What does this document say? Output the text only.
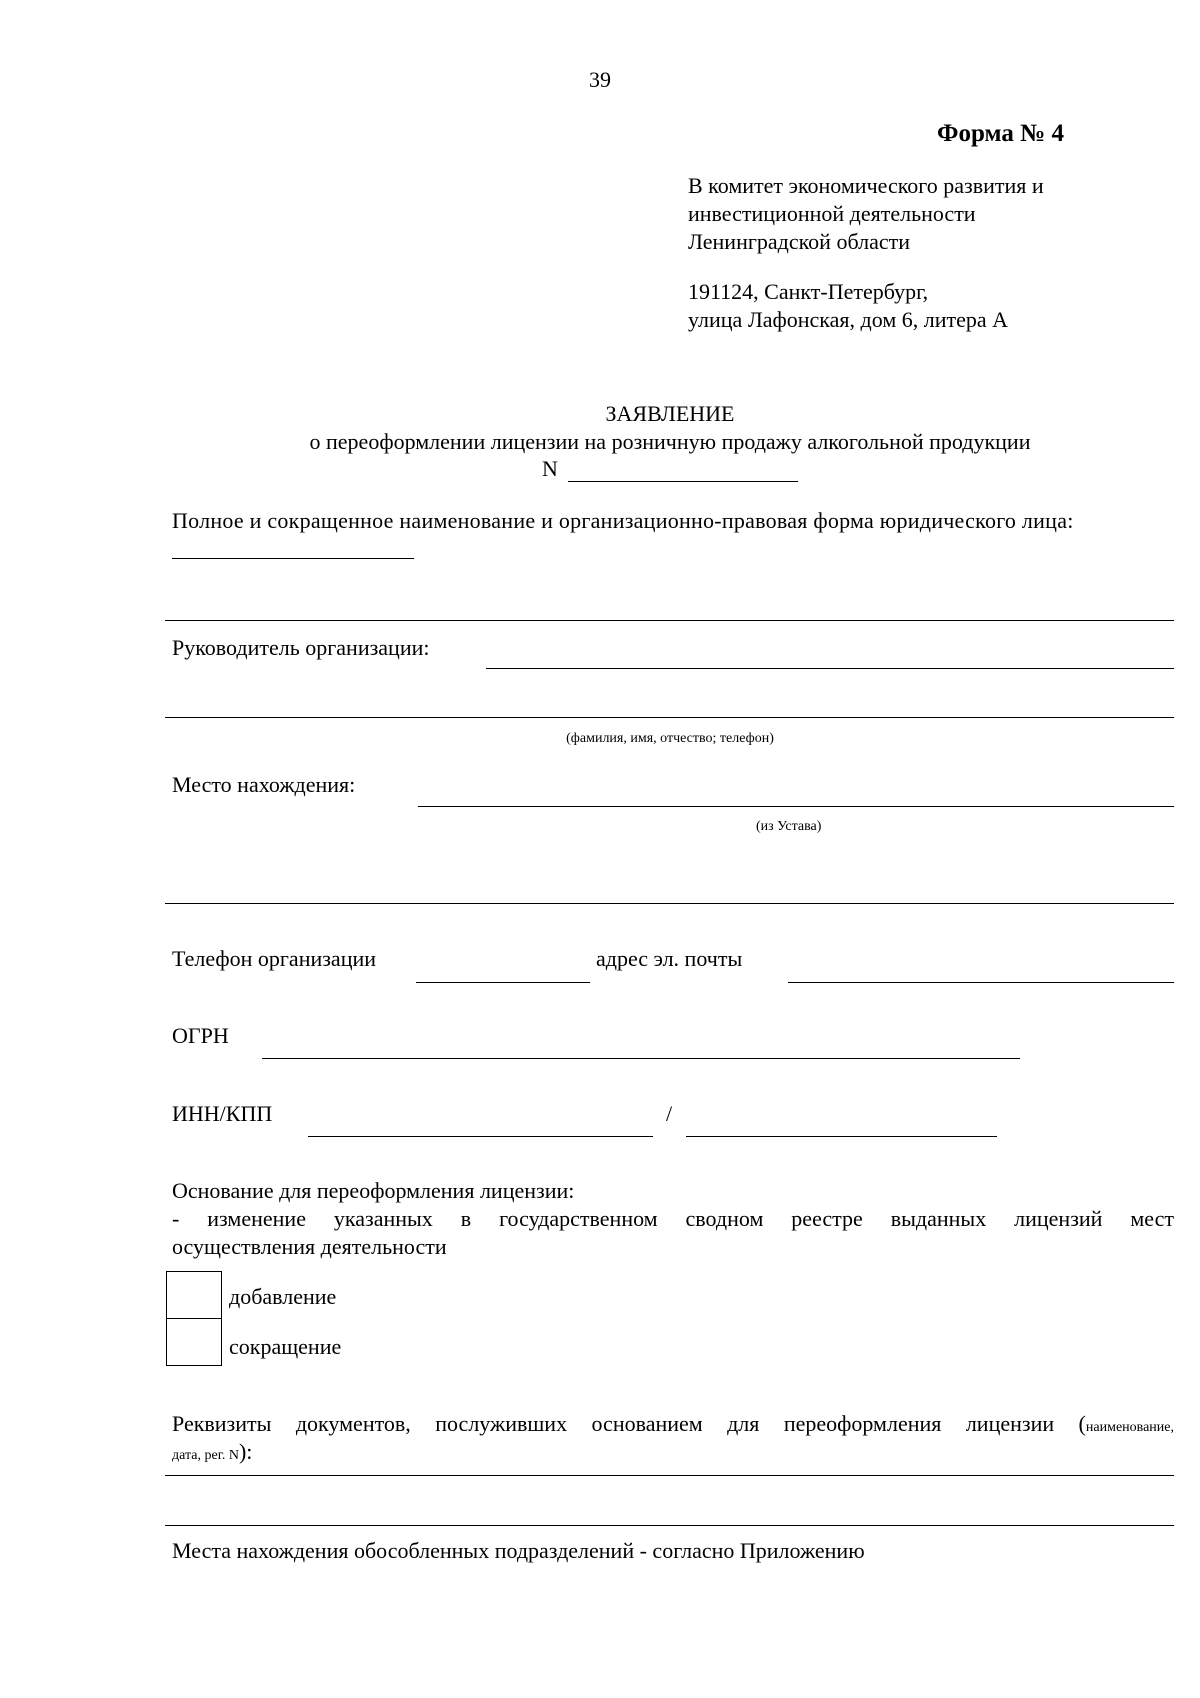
39
Форма № 4
В комитет экономического развития и
инвестиционной деятельности
Ленинградской области
191124, Санкт-Петербург,
улица Лафонская, дом 6, литера А
ЗАЯВЛЕНИЕ
о переоформлении лицензии на розничную продажу алкогольной продукции
N
Полное и сокращенное наименование и организационно-правовая форма юридического лица:
Руководитель организации:
(фамилия, имя, отчество; телефон)
Место нахождения:
(из Устава)
Телефон организации	адрес эл. почты
ОГРН
ИНН/КПП	/
Основание для переоформления лицензии:
- изменение указанных в государственном сводном реестре выданных лицензий мест
осуществления деятельности
добавление
сокращение
Реквизиты документов, послуживших основанием для переоформления лицензии (наименование,
дата, рег. N):
Места нахождения обособленных подразделений - согласно Приложению
